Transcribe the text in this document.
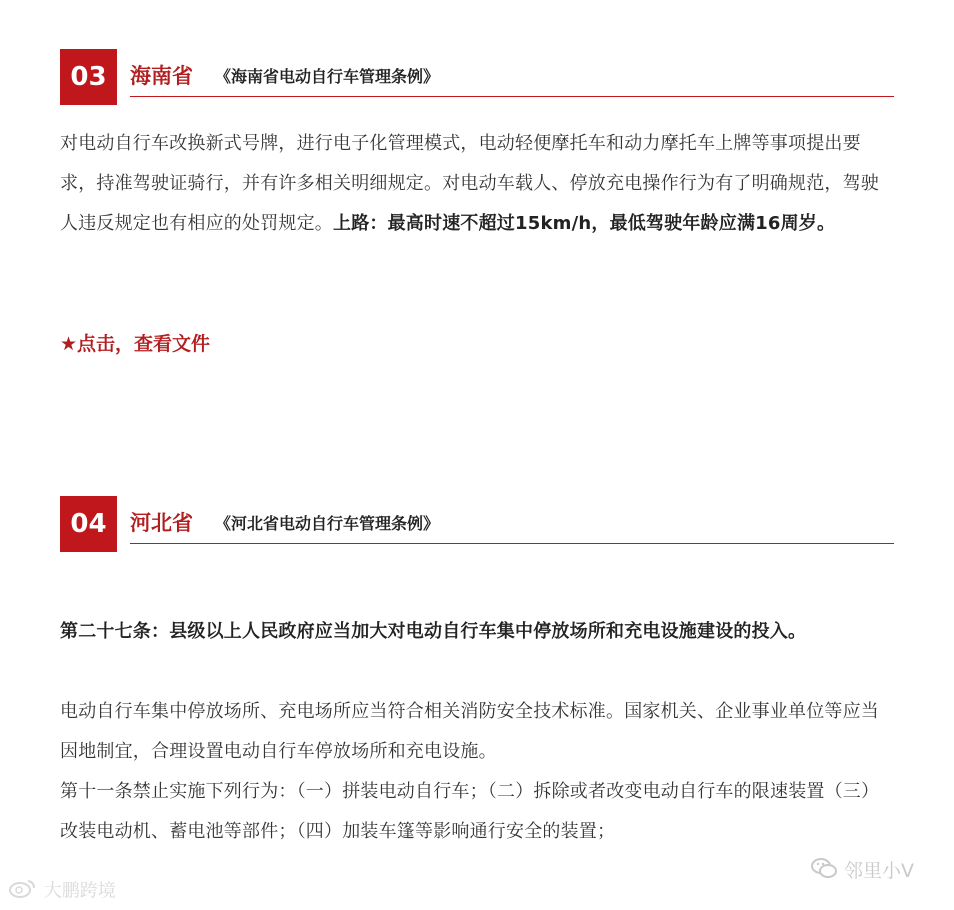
03	海南省 《海南省电动自行车管理条例》

对电动自行车改换新式号牌，进行电子化管理模式，电动轻便摩托车和动力摩托车上牌等事项提出要求，持准驾驶证骑行，并有许多相关明细规定。对电动车载人、停放充电操作行为有了明确规范，驾驶人违反规定也有相应的处罚规定。上路：最高时速不超过15km/h，最低驾驶年龄应满16周岁。

★点击，查看文件
04	河北省 《河北省电动自行车管理条例》

第二十七条：县级以上人民政府应当加大对电动自行车集中停放场所和充电设施建设的投入。

电动自行车集中停放场所、充电场所应当符合相关消防安全技术标准。国家机关、企业事业单位等应当因地制宜，合理设置电动自行车停放场所和充电设施。

第十一条禁止实施下列行为：（一）拼装电动自行车；（二）拆除或者改变电动自行车的限速装置（三）改装电动机、蓄电池等部件；（四）加装车篷等影响通行安全的装置；

大鹏跨境
邻里小V
